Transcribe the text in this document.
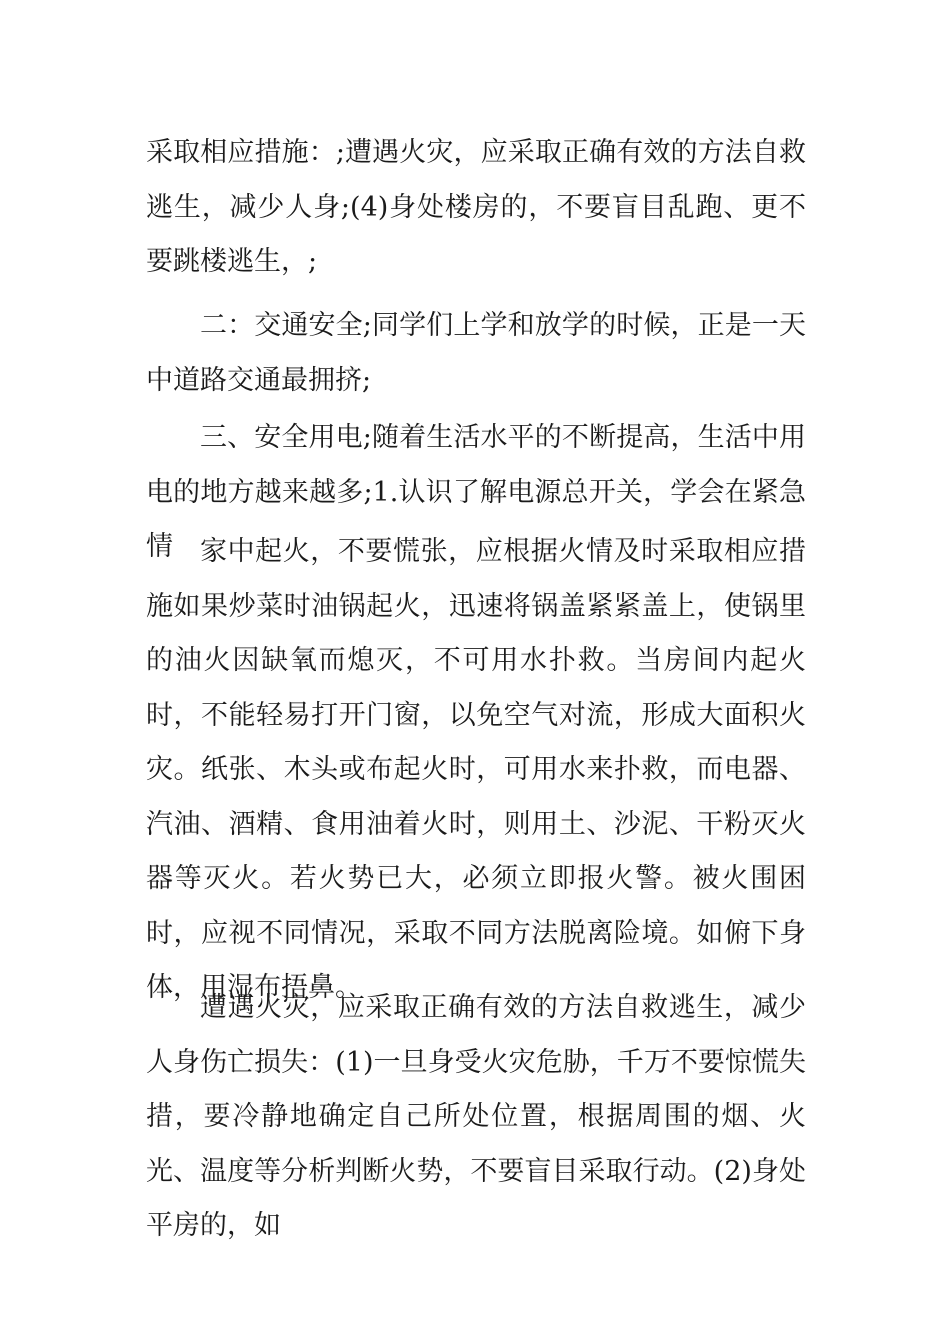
采取相应措施：;遭遇火灾，应采取正确有效的方法自救逃生，减少人身;(4)身处楼房的，不要盲目乱跑、更不要跳楼逃生，;

二：交通安全;同学们上学和放学的时候，正是一天中道路交通最拥挤;

三、安全用电;随着生活水平的不断提高，生活中用电的地方越来越多;1.认识了解电源总开关，学会在紧急情	家中起火，不要慌张，应根据火情及时采取相应措施如果炒菜时油锅起火，迅速将锅盖紧紧盖上，使锅里的油火因缺氧而熄灭，不可用水扑救。当房间内起火时，不能轻易打开门窗，以免空气对流，形成大面积火灾。纸张、木头或布起火时，可用水来扑救，而电器、汽油、酒精、食用油着火时，则用土、沙泥、干粉灭火器等灭火。若火势已大，必须立即报火警。被火围困时，应视不同情况，采取不同方法脱离险境。如俯下身体，用湿布捂鼻。

遭遇火灾，应采取正确有效的方法自救逃生，减少人身伤亡损失：(1)一旦身受火灾危胁，千万不要惊慌失措，要冷静地确定自己所处位置，根据周围的烟、火光、温度等分析判断火势，不要盲目采取行动。(2)身处平房的，如
